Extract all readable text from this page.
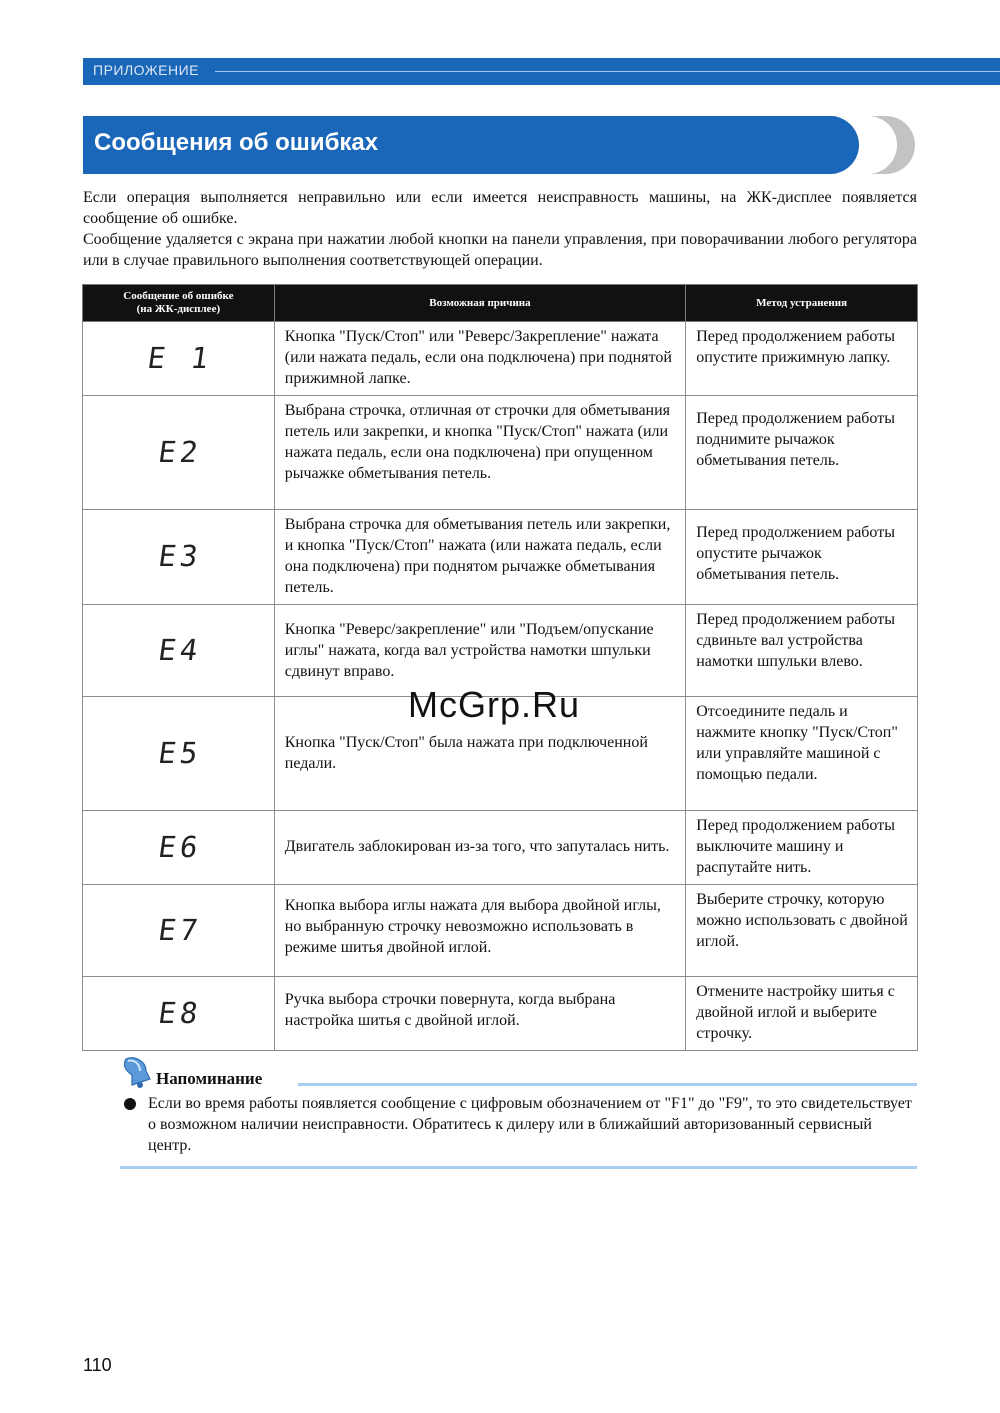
ПРИЛОЖЕНИЕ
Сообщения об ошибках

Если операция выполняется неправильно или если имеется неисправность машины, на ЖК-дисплее появляется сообщение об ошибке.

Сообщение удаляется с экрана при нажатии любой кнопки на панели управления, при поворачивании любого регулятора или в случае правильного выполнения соответствующей операции.

Сообщение об ошибке
(на ЖК-дисплее)	Возможная причина	Метод устранения
E 1	Кнопка "Пуск/Стоп" или "Реверс/Закрепление" нажата (или нажата педаль, если она подключена) при поднятой прижимной лапке.	Перед продолжением работы опустите прижимную лапку.
E2	Выбрана строчка, отличная от строчки для обметывания петель или закрепки, и кнопка "Пуск/Стоп" нажата (или нажата педаль, если она подключена) при опущенном рычажке обметывания петель.	Перед продолжением работы поднимите рычажок обметывания петель.
E3	Выбрана строчка для обметывания петель или закрепки, и кнопка "Пуск/Стоп" нажата (или нажата педаль, если она подключена) при поднятом рычажке обметывания петель.	Перед продолжением работы опустите рычажок обметывания петель.
E4	Кнопка "Реверс/закрепление" или "Подъем/опускание иглы" нажата, когда вал устройства намотки шпульки сдвинут вправо.	Перед продолжением работы сдвиньте вал устройства намотки шпульки влево.
E5	Кнопка "Пуск/Стоп" была нажата при подключенной педали.	Отсоедините педаль и нажмите кнопку "Пуск/Стоп" или управляйте машиной с помощью педали.
E6	Двигатель заблокирован из-за того, что запуталась нить.	Перед продолжением работы выключите машину и распутайте нить.
E7	Кнопка выбора иглы нажата для выбора двойной иглы, но выбранную строчку невозможно использовать в режиме шитья двойной иглой.	Выберите строчку, которую можно использовать с двойной иглой.
E8	Ручка выбора строчки повернута, когда выбрана настройка шитья с двойной иглой.	Отмените настройку шитья с двойной иглой и выберите строчку.
McGrp.Ru
Напоминание
Если во время работы появляется сообщение с цифровым обозначением от "F1" до "F9", то это свидетельствует о возможном наличии неисправности. Обратитесь к дилеру или в ближайший авторизованный сервисный центр.
110
